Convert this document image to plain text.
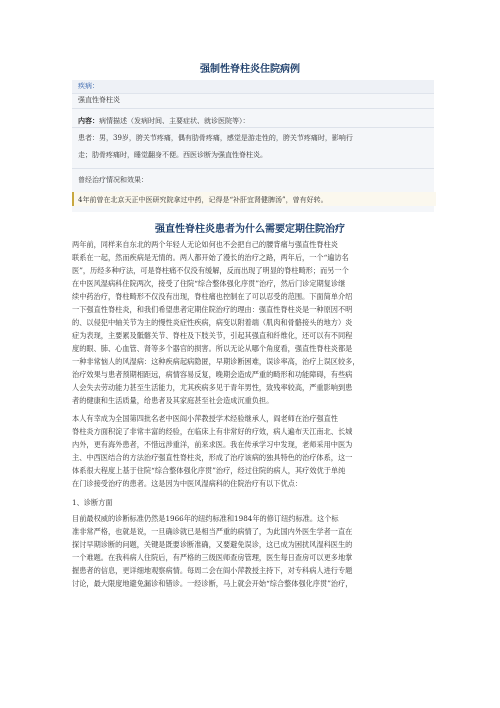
强制性脊柱炎住院病例
疾病：
强直性脊柱炎
内容：病情描述（发病时间、主要症状、就诊医院等）：
患者：男，39岁，胯关节疼痛，偶有肋骨疼痛，感觉是游走性的，胯关节疼痛时，影响行
走；肋骨疼痛时，睡觉翻身不便。西医诊断为强直性脊柱炎。
曾经治疗情况和效果：
4年前曾在北京天正中医研究院拿过中药，记得是“补肝宜肾健脾汤”，曾有好转。
强直性脊柱炎患者为什么需要定期住院治疗
两年前，同样来自东北的两个年轻人无论如何也不会把自己的腰背痛与强直性脊柱炎
联系在一起，然而疾病是无情的。两人都开始了漫长的治疗之路，两年后，一个“遍访名
医”，历经多种疗法，可是脊柱痛不仅没有缓解，反而出现了明显的脊柱畸形；而另一个
在中医风湿病科住院两次，接受了住院“综合整体强化序贯”治疗，然后门诊定期复诊继
续中药治疗，脊柱畸形不仅没有出现，脊柱痛也控制在了可以忍受的范围。下面简单介绍
一下强直性脊柱炎，和我们希望患者定期住院治疗的理由：强直性脊柱炎是一种原因不明
的、以侵犯中轴关节为主的慢性炎症性疾病，病变以附着端（肌肉和骨骼接头的地方）炎
症为表现，主要累及骶髂关节、脊柱及下肢关节，引起其强直和纤维化，还可以有不同程
度的眼、肺、心血管、肾等多个器官的损害。所以无论从哪个角度看，强直性脊柱炎都是
一种非常恼人的风湿病：这种疾病起病隐匿，早期诊断困难，误诊率高，治疗上误区较多，
治疗效果与患者预期相距远，病情容易反复，晚期会造成严重的畸形和功能障碍，有些病
人会失去劳动能力甚至生活能力，尤其疾病多见于青年男性，致残率较高，严重影响到患
者的健康和生活质量，给患者及其家庭甚至社会造成沉重负担。
本人有幸成为全国第四批名老中医阎小萍教授学术经验继承人，阎老师在治疗强直性
脊柱炎方面积淀了非常丰富的经验，在临床上有非常好的疗效，病人遍布天江南北、长城
内外，更有海外患者，不惜远涉重洋，前来求医。我在传承学习中发现，老师采用中医为
主、中西医结合的方法治疗强直性脊柱炎，形成了治疗该病的独具特色的治疗体系，这一
体系很大程度上基于住院“综合整体强化序贯”治疗，经过住院的病人，其疗效优于单纯
在门诊接受治疗的患者。这是因为中医风湿病科的住院治疗有以下优点：
1、诊断方面
目前最权威的诊断标准仍然是1966年的纽约标准和1984年的修订纽约标准。这个标
准非常严格，也就是说，一旦确诊就已是相当严重的病情了，为此国内外医生学者一直在
探讨早期诊断的问题，关键是既要诊断准确，又要避免误诊，这已成为困扰风湿科医生的
一个难题。在我科病人住院后，有严格的三级医师查房管理，医生每日查房可以更多地掌
握患者的信息，更详细地观察病情。每周二会在阎小萍教授主持下，对专科病人进行专题
讨论，最大限度地避免漏诊和错诊。一经诊断，马上就会开始“综合整体强化序贯”治疗，
